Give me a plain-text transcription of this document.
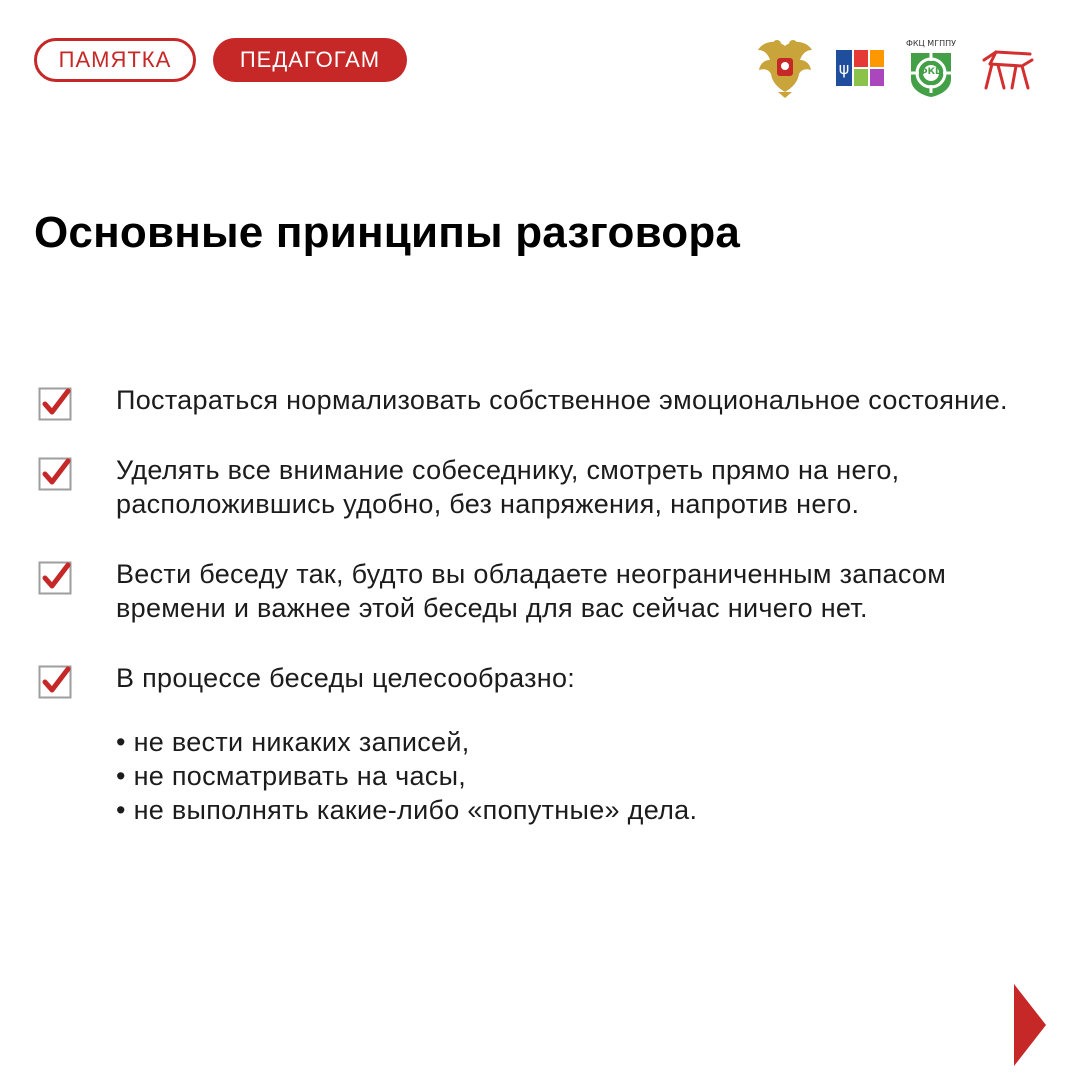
ПАМЯТКА	ПЕДАГОГАМ	ψ
ФКЦ МГППУ
ФКЦ
Основные принципы разговора
Постараться нормализовать собственное эмоциональное состояние.
Уделять все внимание собеседнику, смотреть прямо на него, расположившись удобно, без напряжения, напротив него.
Вести беседу так, будто вы обладаете неограниченным запасом времени и важнее этой беседы для вас сейчас ничего нет.
В процессе беседы целесообразно:
• не вести никаких записей,
• не посматривать на часы,
• не выполнять какие-либо «попутные» дела.
